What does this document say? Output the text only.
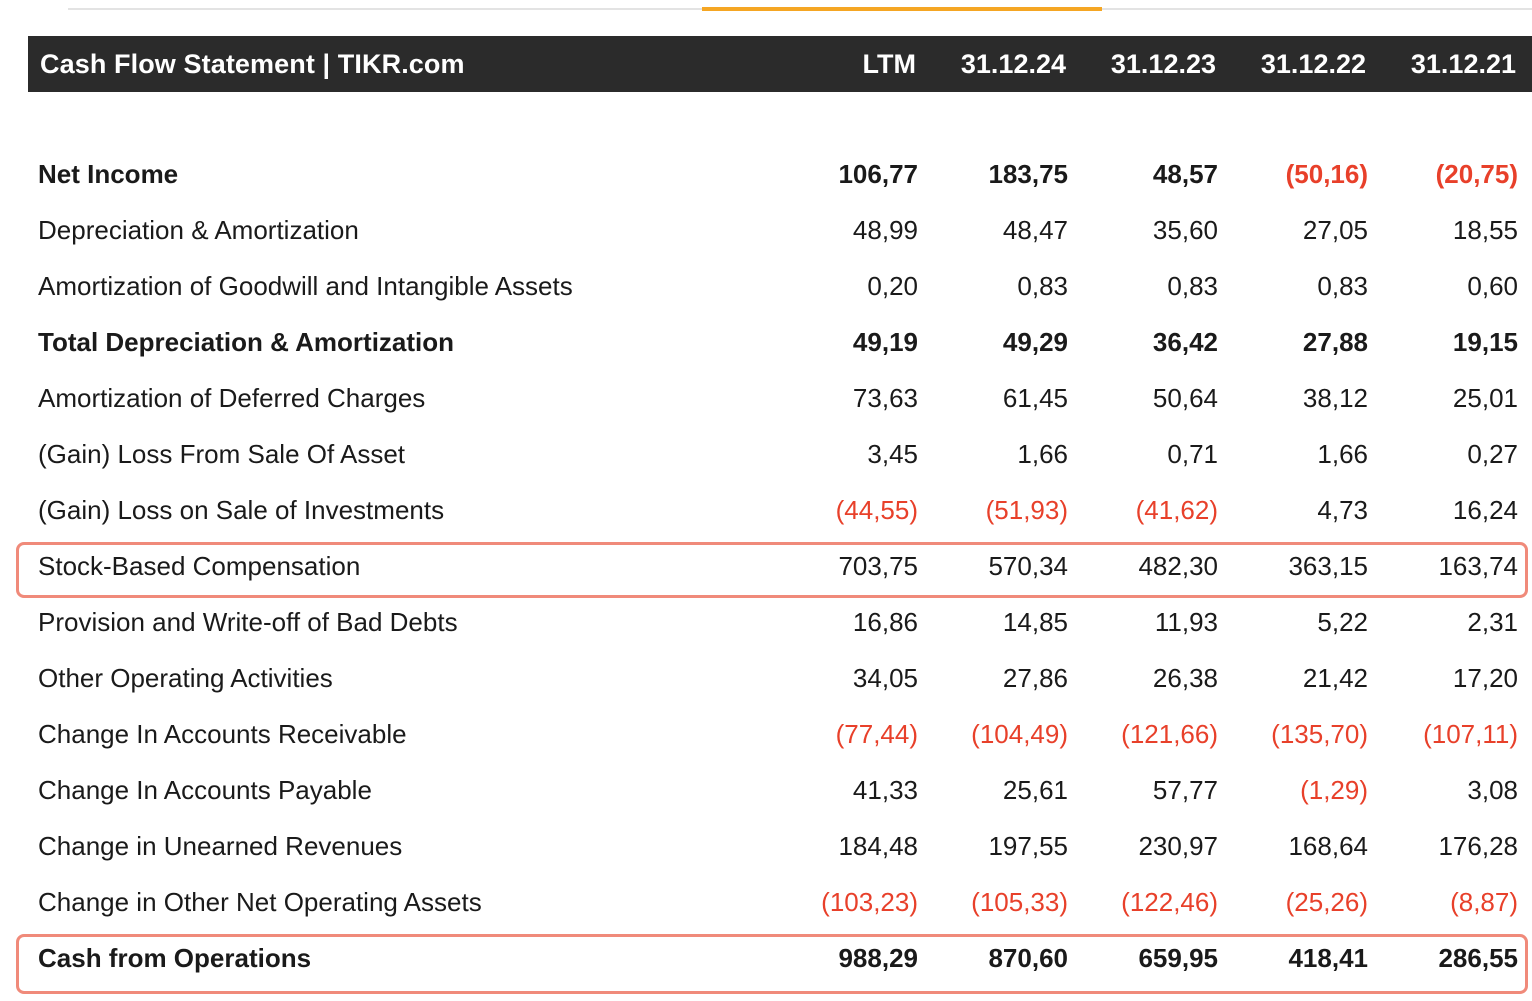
Cash Flow Statement | TIKR.com	LTM	31.12.24	31.12.23	31.12.22	31.12.21
Net Income	106,77	183,75	48,57	(50,16)	(20,75)
Depreciation & Amortization	48,99	48,47	35,60	27,05	18,55
Amortization of Goodwill and Intangible Assets	0,20	0,83	0,83	0,83	0,60
Total Depreciation & Amortization	49,19	49,29	36,42	27,88	19,15
Amortization of Deferred Charges	73,63	61,45	50,64	38,12	25,01
(Gain) Loss From Sale Of Asset	3,45	1,66	0,71	1,66	0,27
(Gain) Loss on Sale of Investments	(44,55)	(51,93)	(41,62)	4,73	16,24
Stock-Based Compensation	703,75	570,34	482,30	363,15	163,74
Provision and Write-off of Bad Debts	16,86	14,85	11,93	5,22	2,31
Other Operating Activities	34,05	27,86	26,38	21,42	17,20
Change In Accounts Receivable	(77,44)	(104,49)	(121,66)	(135,70)	(107,11)
Change In Accounts Payable	41,33	25,61	57,77	(1,29)	3,08
Change in Unearned Revenues	184,48	197,55	230,97	168,64	176,28
Change in Other Net Operating Assets	(103,23)	(105,33)	(122,46)	(25,26)	(8,87)
Cash from Operations	988,29	870,60	659,95	418,41	286,55
